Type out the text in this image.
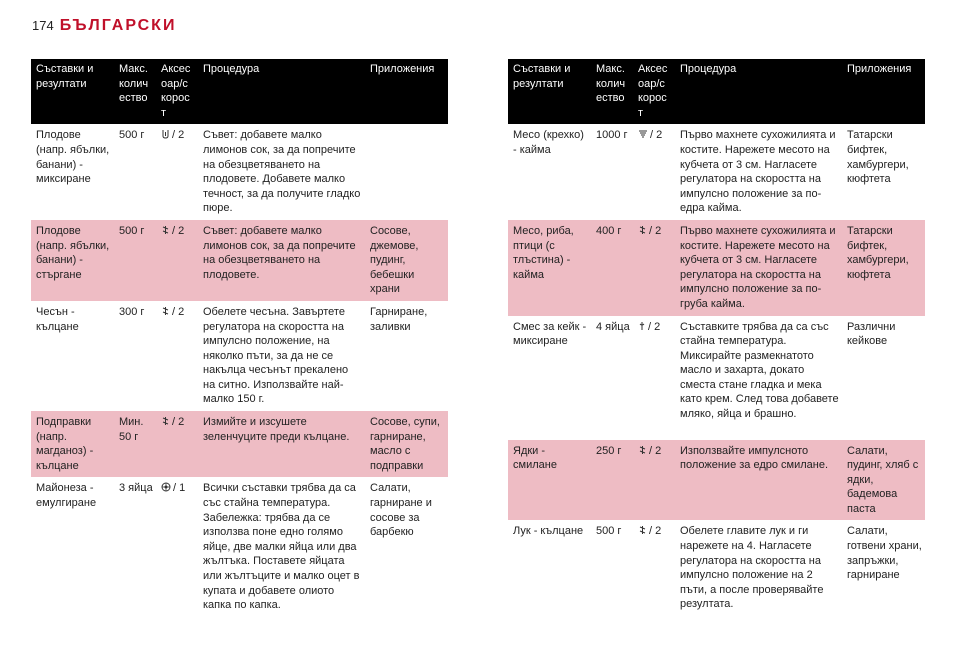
174 БЪЛГАРСКИ
Съставки и резултати	Макс. колич ество	Аксес оар/с корос т	Процедура	Приложения
Плодове (напр. ябълки, банани) - миксиране	500 г	/ 2	Съвет: добавете малко лимонов сок, за да попречите на обезцветяването на плодовете. Добавете малко течност, за да получите гладко пюре.	
Плодове (напр. ябълки, банани) - стъргане	500 г	/ 2	Съвет: добавете малко лимонов сок, за да попречите на обезцветяването на плодовете.	Сосове, джемове, пудинг, бебешки храни
Чесън - кълцане	300 г	/ 2	Обелете чесъна. Завъртете регулатора на скоростта на импулсно положение, на няколко пъти, за да не се накълца чесънът прекалено на ситно. Използвайте най-малко 150 г.	Гарниране, заливки
Подправки (напр. магданоз) - кълцане	Мин. 50 г	/ 2	Измийте и изсушете зеленчуците преди кълцане.	Сосове, супи, гарниране, масло с подправки
Майонеза - емулгиране	3 яйца	/ 1	Всички съставки трябва да са със стайна температура. Забележка: трябва да се използва поне едно голямо яйце, две малки яйца или два жълтъка. Поставете яйцата или жълтъците и малко оцет в купата и добавете олиото капка по капка.	Салати, гарниране и сосове за барбекю
Съставки и резултати	Макс. колич ество	Аксес оар/с корос т	Процедура	Приложения
Месо (крехко) - кайма	1000 г	/ 2	Първо махнете сухожилията и костите. Нарежете месото на кубчета от 3 см. Нагласете регулатора на скоростта на импулсно положение за по-едра кайма.	Татарски бифтек, хамбургери, кюфтета
Месо, риба, птици (с тлъстина) - кайма	400 г	/ 2	Първо махнете сухожилията и костите. Нарежете месото на кубчета от 3 см. Нагласете регулатора на скоростта на импулсно положение за по-груба кайма.	Татарски бифтек, хамбургери, кюфтета
Смес за кейк - миксиране	4 яйца	/ 2	Съставките трябва да са със стайна температура. Миксирайте размекнатото масло и захарта, докато сместа стане гладка и мека като крем. След това добавете мляко, яйца и брашно.	Различни кейкове
Ядки - смилане	250 г	/ 2	Използвайте импулсното положение за едро смилане.	Салати, пудинг, хляб с ядки, бадемова паста
Лук - кълцане	500 г	/ 2	Обелете главите лук и ги нарежете на 4. Нагласете регулатора на скоростта на импулсно положение на 2 пъти, а после проверявайте резултата.	Салати, готвени храни, запръжки, гарниране
